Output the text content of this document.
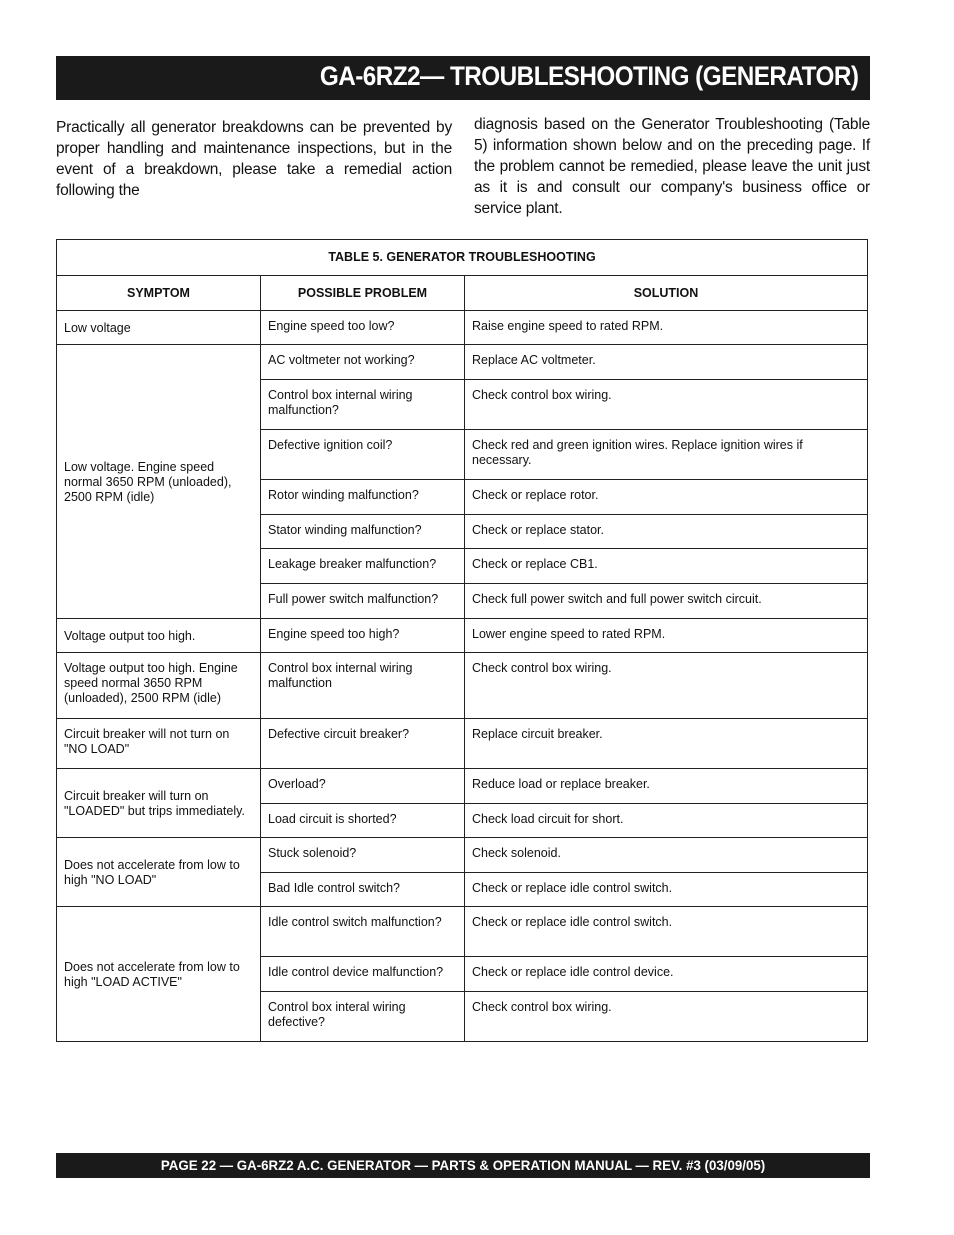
GA-6RZ2— TROUBLESHOOTING (GENERATOR)

Practically all generator breakdowns can be prevented by proper handling and maintenance inspections, but in the event of a breakdown, please take a remedial action following the

diagnosis based on the Generator Troubleshooting (Table 5) information shown below and on the preceding page. If the problem cannot be remedied, please leave the unit just as it is and consult our company's business office or service plant.

TABLE 5. GENERATOR TROUBLESHOOTING		
SYMPTOM	POSSIBLE PROBLEM	SOLUTION
Low voltage	Engine speed too low?	Raise engine speed to rated RPM.
Low voltage. Engine speed normal 3650 RPM (unloaded), 2500 RPM (idle)	AC voltmeter not working?	Replace AC voltmeter.
	Control box internal wiring malfunction?	Check control box wiring.
	Defective ignition coil?	Check red and green ignition wires. Replace ignition wires if necessary.
	Rotor winding malfunction?	Check or replace rotor.
	Stator winding malfunction?	Check or replace stator.
	Leakage breaker malfunction?	Check or replace CB1.
	Full power switch malfunction?	Check full power switch and full power switch circuit.
Voltage output too high.	Engine speed too high?	Lower engine speed to rated RPM.
Voltage output too high. Engine speed normal 3650 RPM (unloaded), 2500 RPM (idle)	Control box internal wiring malfunction	Check control box wiring.
Circuit breaker will not turn on "NO LOAD"	Defective circuit breaker?	Replace circuit breaker.
Circuit breaker will turn on "LOADED" but trips immediately.	Overload?	Reduce load or replace breaker.
	Load circuit is shorted?	Check load circuit for short.
Does not accelerate from low to high "NO LOAD"	Stuck solenoid?	Check solenoid.
	Bad Idle control switch?	Check or replace idle control switch.
Does not accelerate from low to high "LOAD ACTIVE"	Idle control switch malfunction?	Check or replace idle control switch.
	Idle control device malfunction?	Check or replace idle control device.
	Control box interal wiring defective?	Check control box wiring.
PAGE 22 — GA-6RZ2 A.C. GENERATOR — PARTS & OPERATION MANUAL — REV. #3 (03/09/05)
